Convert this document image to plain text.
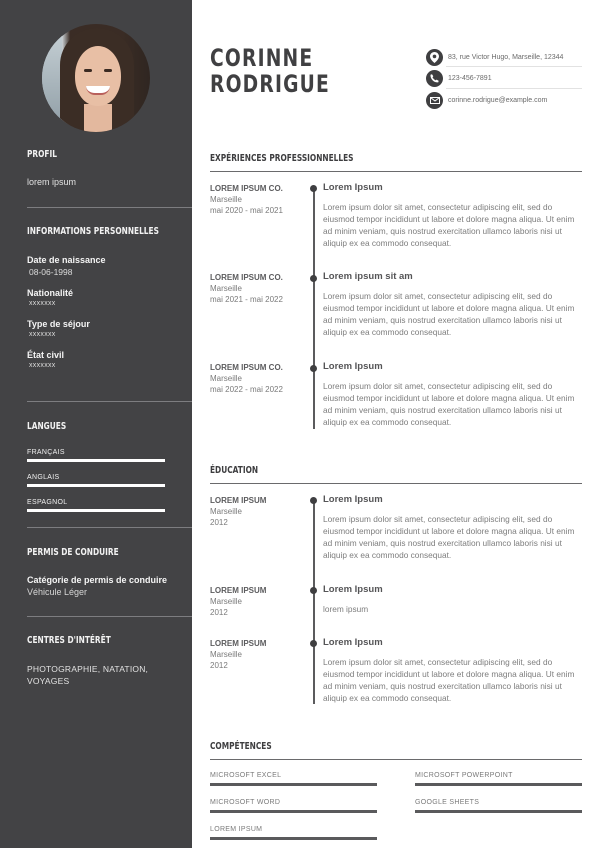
PROFIL
lorem ipsum
INFORMATIONS PERSONNELLES
Date de naissance
08-06-1998
Nationalité
xxxxxxx
Type de séjour
xxxxxxx
État civil
xxxxxxx
LANGUES
FRANÇAIS
ANGLAIS
ESPAGNOL
PERMIS DE CONDUIRE
Catégorie de permis de conduire
Véhicule Léger
CENTRES D'INTÉRÊT
PHOTOGRAPHIE, NATATION,
VOYAGES
CORINNE
RODRIGUE
83, rue Victor Hugo, Marseille, 12344
123-456-7891
corinne.rodrigue@example.com
EXPÉRIENCES PROFESSIONNELLES
LOREM IPSUM CO.
Marseille
mai 2020 - mai 2021
Lorem Ipsum
Lorem ipsum dolor sit amet, consectetur adipiscing elit, sed do eiusmod tempor incididunt ut labore et dolore magna aliqua. Ut enim ad minim veniam, quis nostrud exercitation ullamco laboris nisi ut aliquip ex ea commodo consequat.
LOREM IPSUM CO.
Marseille
mai 2021 - mai 2022
Lorem ipsum sit am
Lorem ipsum dolor sit amet, consectetur adipiscing elit, sed do eiusmod tempor incididunt ut labore et dolore magna aliqua. Ut enim ad minim veniam, quis nostrud exercitation ullamco laboris nisi ut aliquip ex ea commodo consequat.
LOREM IPSUM CO.
Marseille
mai 2022 - mai 2022
Lorem Ipsum
Lorem ipsum dolor sit amet, consectetur adipiscing elit, sed do eiusmod tempor incididunt ut labore et dolore magna aliqua. Ut enim ad minim veniam, quis nostrud exercitation ullamco laboris nisi ut aliquip ex ea commodo consequat.
ÉDUCATION
LOREM IPSUM
Marseille
2012
Lorem Ipsum
Lorem ipsum dolor sit amet, consectetur adipiscing elit, sed do eiusmod tempor incididunt ut labore et dolore magna aliqua. Ut enim ad minim veniam, quis nostrud exercitation ullamco laboris nisi ut aliquip ex ea commodo consequat.
LOREM IPSUM
Marseille
2012
Lorem Ipsum
lorem ipsum
LOREM IPSUM
Marseille
2012
Lorem Ipsum
Lorem ipsum dolor sit amet, consectetur adipiscing elit, sed do eiusmod tempor incididunt ut labore et dolore magna aliqua. Ut enim ad minim veniam, quis nostrud exercitation ullamco laboris nisi ut aliquip ex ea commodo consequat.
COMPÉTENCES
MICROSOFT EXCEL	MICROSOFT POWERPOINT
MICROSOFT WORD	GOOGLE SHEETS
LOREM IPSUM
